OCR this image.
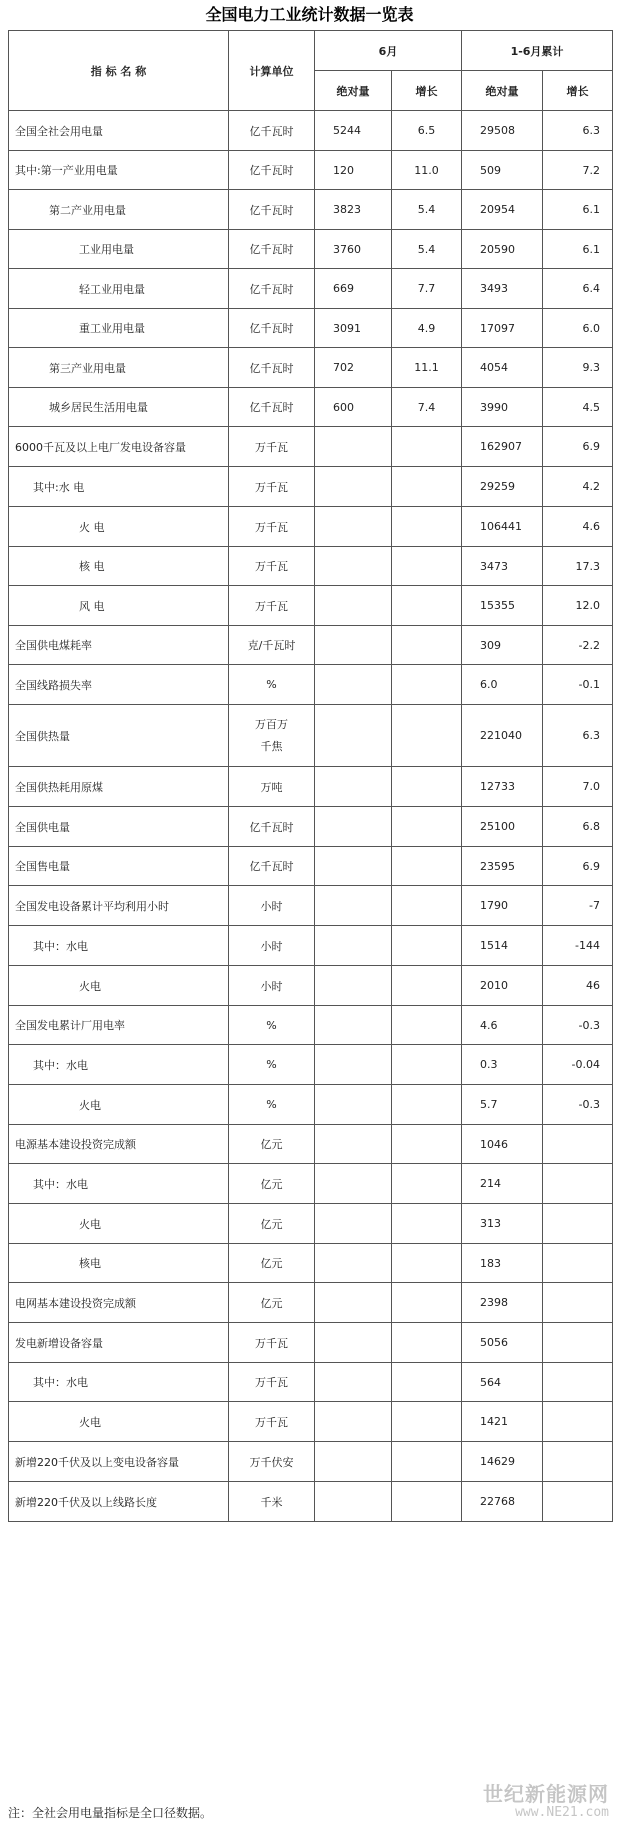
全国电力工业统计数据一览表
指 标 名 称	计算单位	6月		1-6月累计	
		绝对量	增长	绝对量	增长
全国全社会用电量	亿千瓦时	5244	6.5	29508	6.3
其中:第一产业用电量	亿千瓦时	120	11.0	509	7.2
第二产业用电量	亿千瓦时	3823	5.4	20954	6.1
工业用电量	亿千瓦时	3760	5.4	20590	6.1
轻工业用电量	亿千瓦时	669	7.7	3493	6.4
重工业用电量	亿千瓦时	3091	4.9	17097	6.0
第三产业用电量	亿千瓦时	702	11.1	4054	9.3
城乡居民生活用电量	亿千瓦时	600	7.4	3990	4.5
6000千瓦及以上电厂发电设备容量	万千瓦			162907	6.9
其中:水 电	万千瓦			29259	4.2
火 电	万千瓦			106441	4.6
核 电	万千瓦			3473	17.3
风 电	万千瓦			15355	12.0
全国供电煤耗率	克/千瓦时			309	-2.2
全国线路损失率	%			6.0	-0.1
全国供热量	万百万千焦			221040	6.3
全国供热耗用原煤	万吨			12733	7.0
全国供电量	亿千瓦时			25100	6.8
全国售电量	亿千瓦时			23595	6.9
全国发电设备累计平均利用小时	小时			1790	-7
其中：水电	小时			1514	-144
火电	小时			2010	46
全国发电累计厂用电率	%			4.6	-0.3
其中：水电	%			0.3	-0.04
火电	%			5.7	-0.3
电源基本建设投资完成额	亿元			1046	
其中：水电	亿元			214	
火电	亿元			313	
核电	亿元			183	
电网基本建设投资完成额	亿元			2398	
发电新增设备容量	万千瓦			5056	
其中：水电	万千瓦			564	
火电	万千瓦			1421	
新增220千伏及以上变电设备容量	万千伏安			14629	
新增220千伏及以上线路长度	千米			22768	
注：全社会用电量指标是全口径数据。
世纪新能源网
www.NE21.com
